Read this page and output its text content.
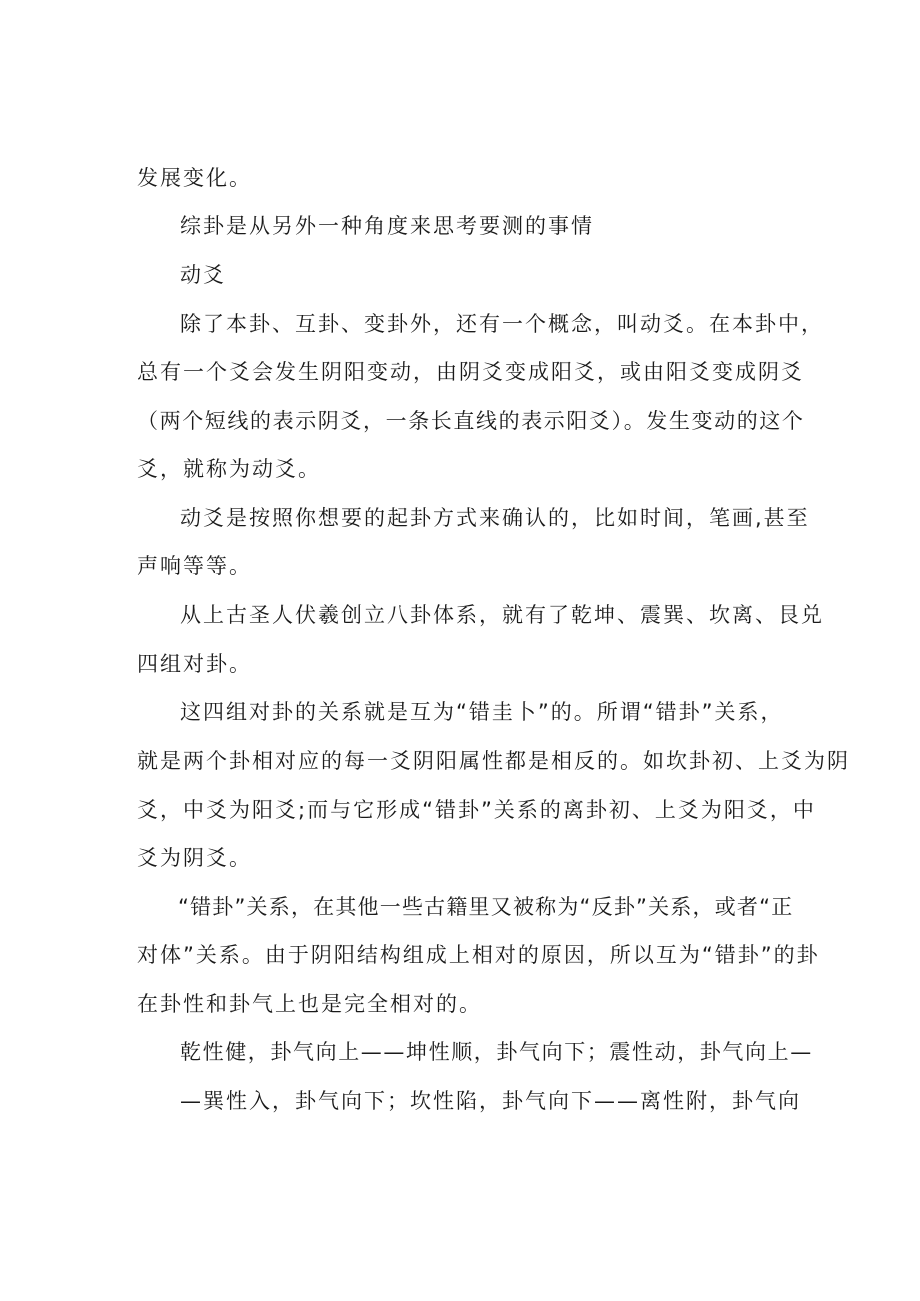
发展变化。
综卦是从另外一种角度来思考要测的事情
动爻
除了本卦、互卦、变卦外，还有一个概念，叫动爻。在本卦中，
总有一个爻会发生阴阳变动，由阴爻变成阳爻，或由阳爻变成阴爻
（两个短线的表示阴爻，一条长直线的表示阳爻）。发生变动的这个
爻，就称为动爻。
动爻是按照你想要的起卦方式来确认的，比如时间，笔画,甚至
声响等等。
从上古圣人伏羲创立八卦体系，就有了乾坤、震巽、坎离、艮兑
四组对卦。
这四组对卦的关系就是互为“错圭卜”的。所谓“错卦”关系，
就是两个卦相对应的每一爻阴阳属性都是相反的。如坎卦初、上爻为阴
爻，中爻为阳爻;而与它形成“错卦”关系的离卦初、上爻为阳爻，中
爻为阴爻。
“错卦”关系，在其他一些古籍里又被称为“反卦”关系，或者“正
对体”关系。由于阴阳结构组成上相对的原因，所以互为“错卦”的卦
在卦性和卦气上也是完全相对的。
乾性健，卦气向上——坤性顺，卦气向下；震性动，卦气向上—
—巽性入，卦气向下；坎性陷，卦气向下——离性附，卦气向
